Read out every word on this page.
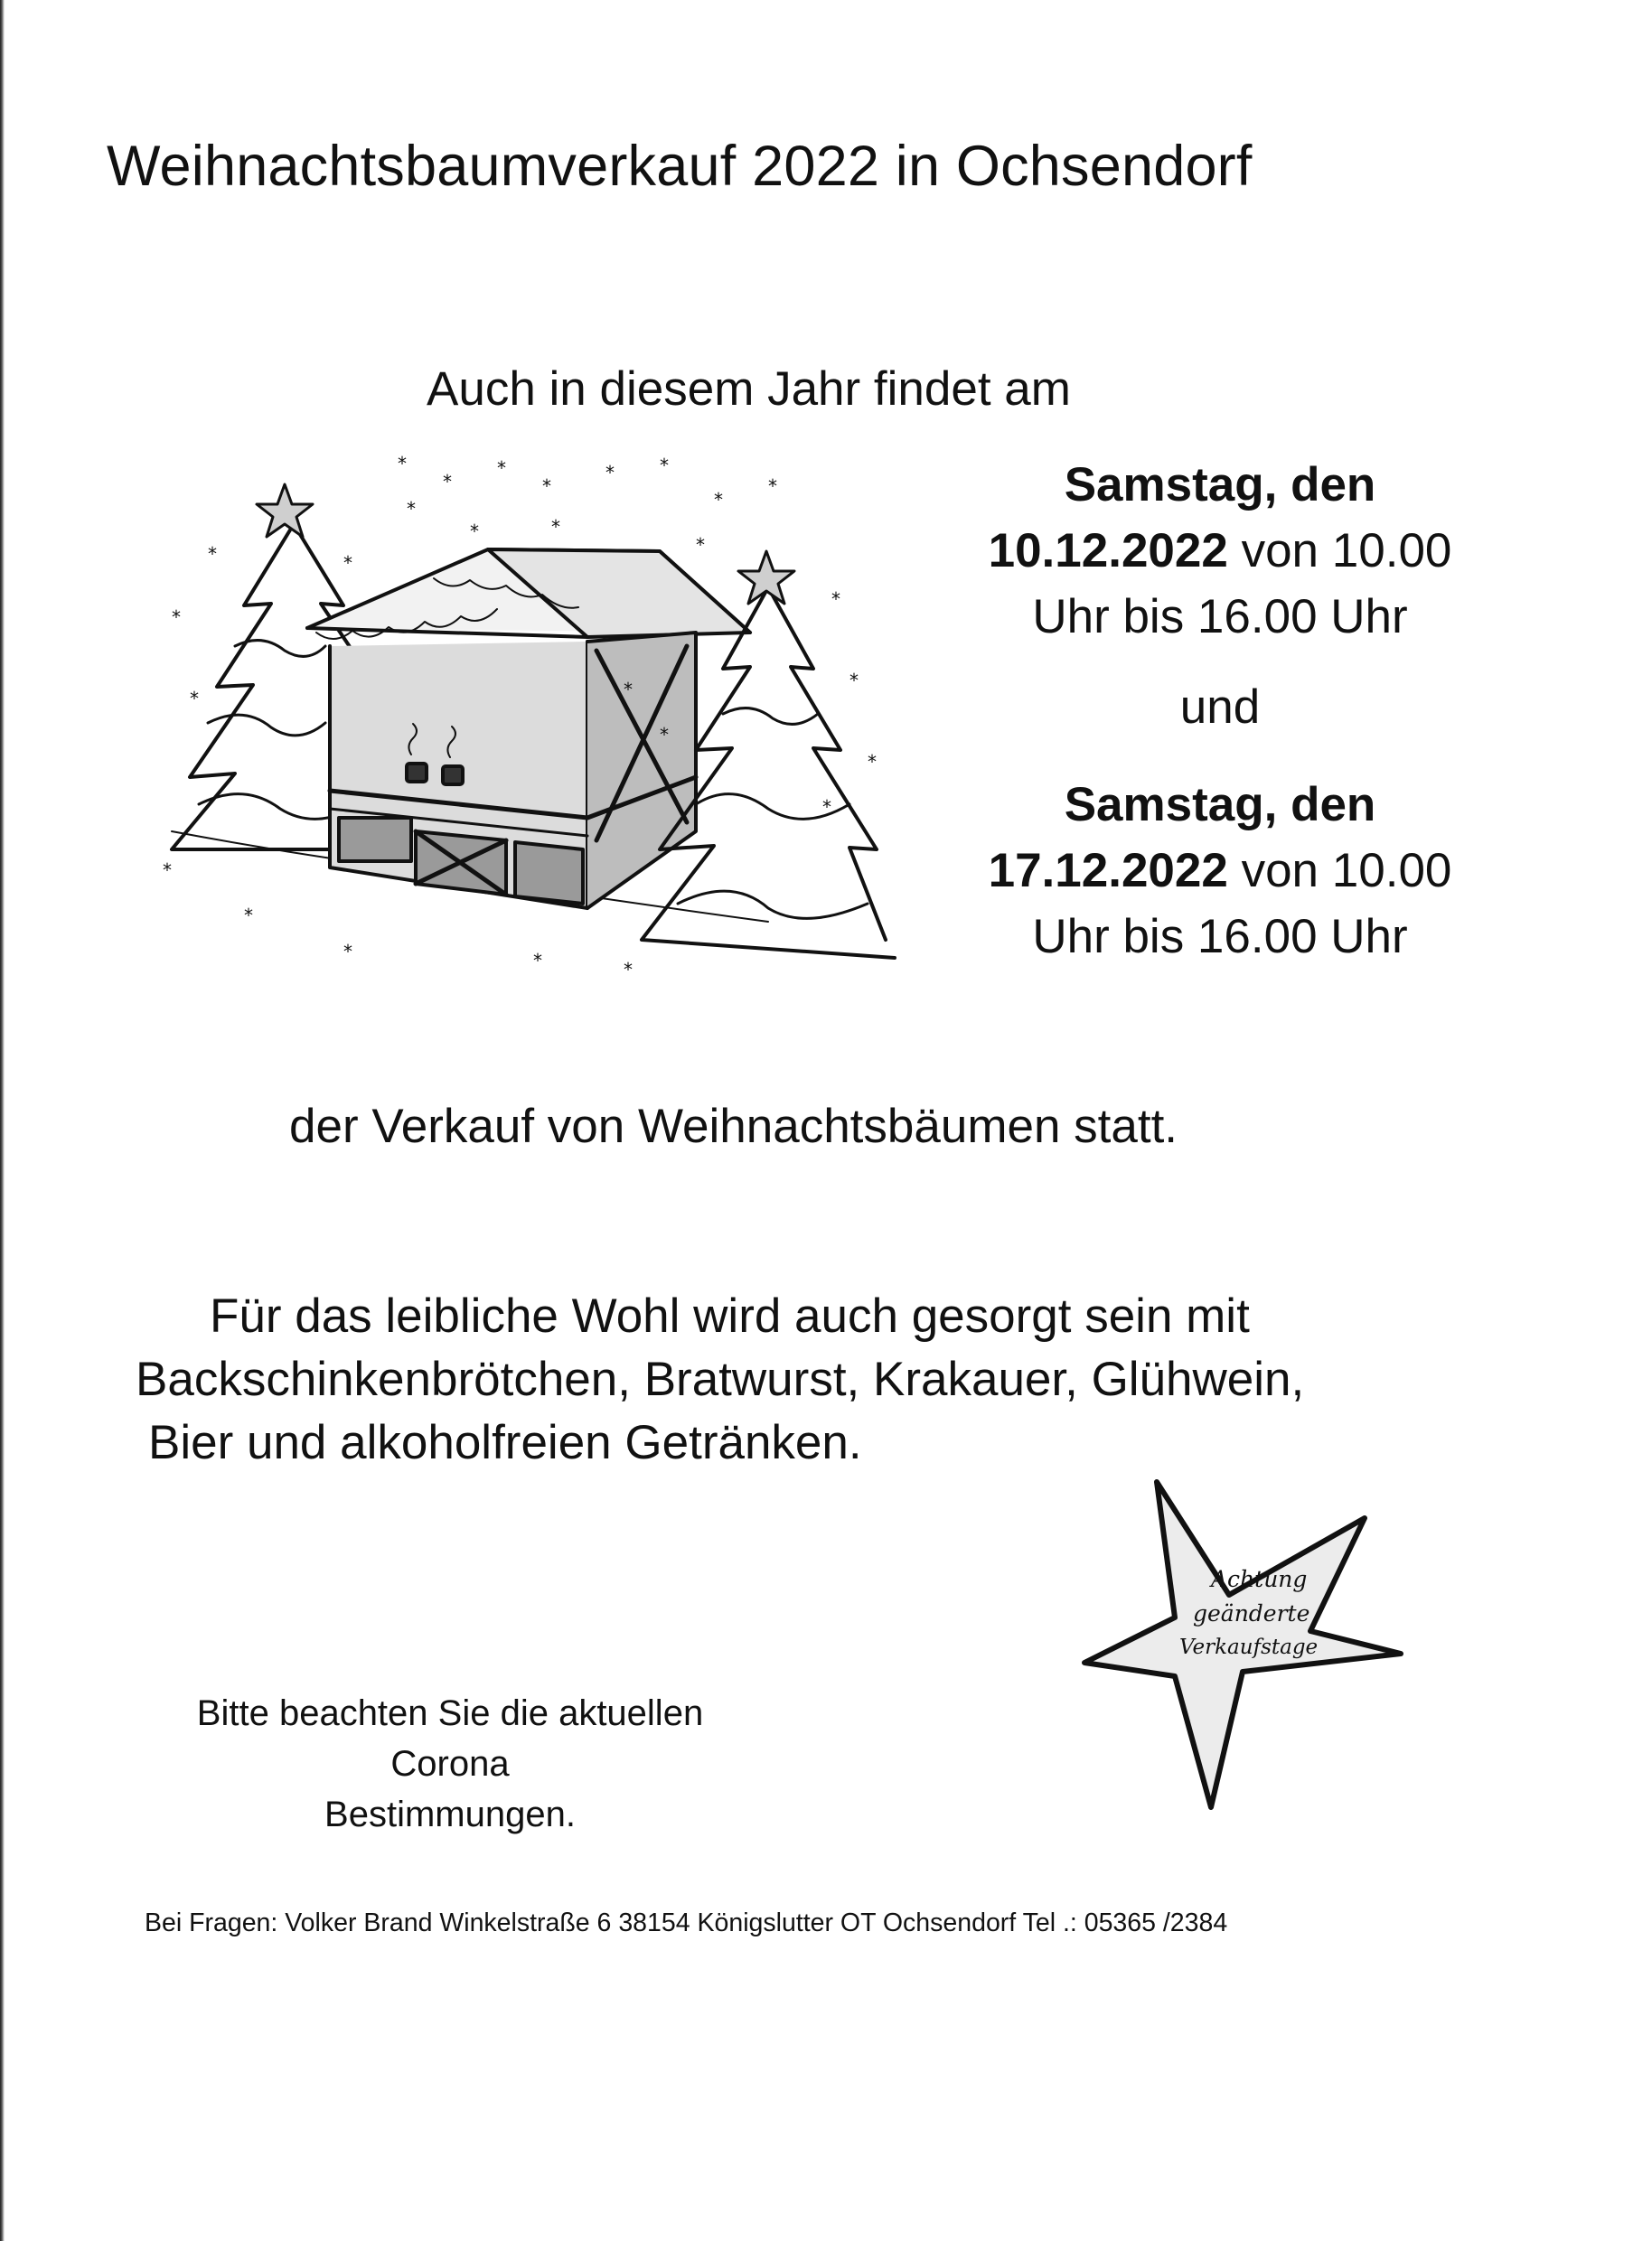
Weihnachtsbaumverkauf 2022 in Ochsendorf
Auch in diesem Jahr findet am
*
*
*
*
*	*
*
*
*
*	*
*
*
*
*
*
*
*
*
*
*
*
*	*
*
*
*
Samstag, den
10.12.2022 von 10.00
Uhr bis 16.00 Uhr
und
Samstag, den
17.12.2022 von 10.00
Uhr bis 16.00 Uhr
der Verkauf von Weihnachtsbäumen statt.
Für das leibliche Wohl wird auch gesorgt sein mit
Backschinkenbrötchen, Bratwurst, Krakauer, Glühwein,
Bier und alkoholfreien Getränken.
Achtung
geänderte
Verkaufstage
Bitte beachten Sie die aktuellen Corona
Bestimmungen.
Bei Fragen: Volker Brand Winkelstraße 6 38154 Königslutter OT Ochsendorf Tel .: 05365 /2384
